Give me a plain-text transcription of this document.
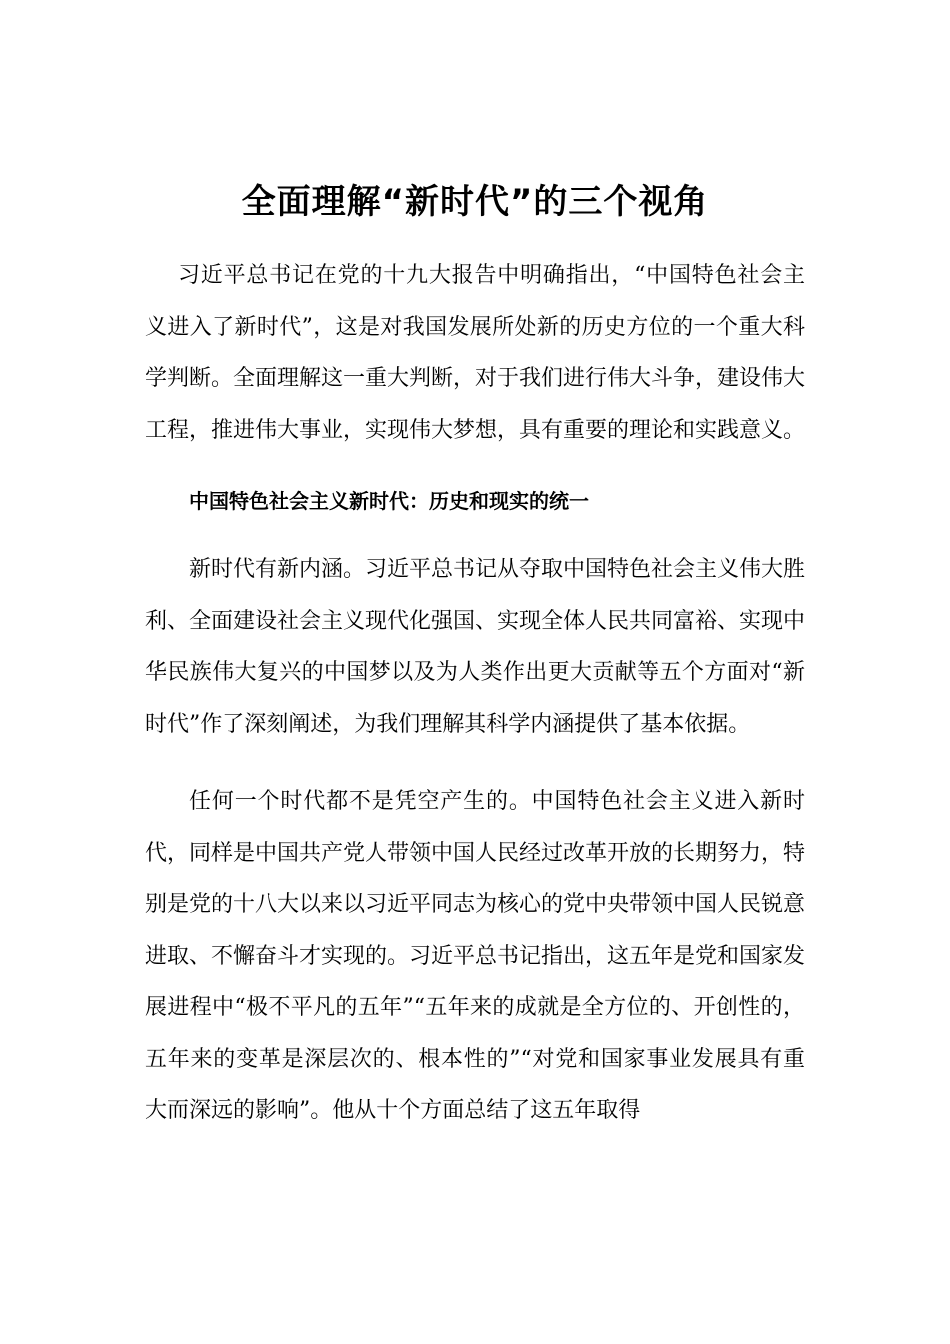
全面理解“新时代”的三个视角

习近平总书记在党的十九大报告中明确指出，“中国特色社会主义进入了新时代”，这是对我国发展所处新的历史方位的一个重大科学判断。全面理解这一重大判断，对于我们进行伟大斗争，建设伟大工程，推进伟大事业，实现伟大梦想，具有重要的理论和实践意义。

中国特色社会主义新时代：历史和现实的统一

新时代有新内涵。习近平总书记从夺取中国特色社会主义伟大胜利、全面建设社会主义现代化强国、实现全体人民共同富裕、实现中华民族伟大复兴的中国梦以及为人类作出更大贡献等五个方面对“新时代”作了深刻阐述，为我们理解其科学内涵提供了基本依据。

任何一个时代都不是凭空产生的。中国特色社会主义进入新时代，同样是中国共产党人带领中国人民经过改革开放的长期努力，特别是党的十八大以来以习近平同志为核心的党中央带领中国人民锐意进取、不懈奋斗才实现的。习近平总书记指出，这五年是党和国家发展进程中“极不平凡的五年”“五年来的成就是全方位的、开创性的，五年来的变革是深层次的、根本性的”“对党和国家事业发展具有重大而深远的影响”。他从十个方面总结了这五年取得
